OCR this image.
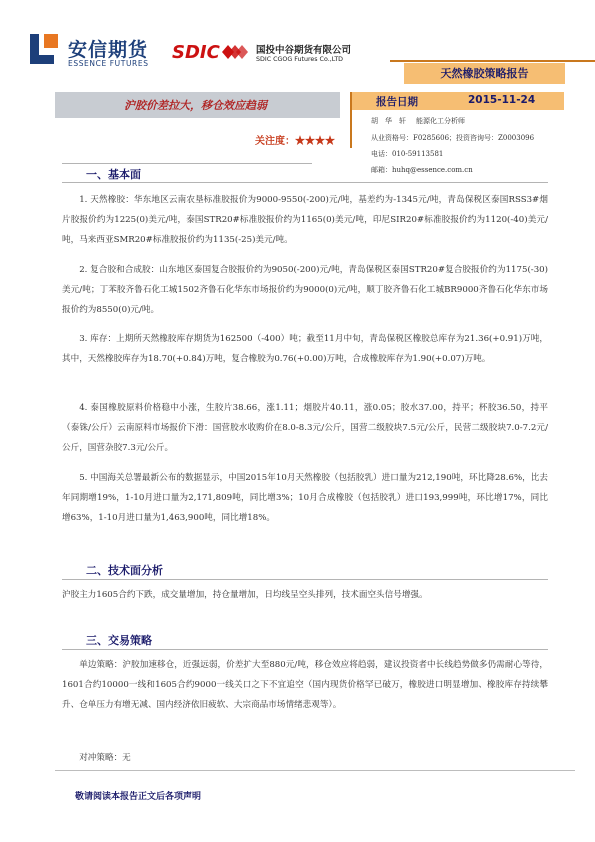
安信期货
ESSENCE FUTURES
SDIC	国投中谷期货有限公司
SDIC CGOG Futures Co.,LTD
天然橡胶策略报告
沪胶价差拉大，移仓效应趋弱
关注度：★★★★
报告日期	2015-11-24
胡　华　轩 能源化工分析师
从业资格号：F0285606；投资咨询号：Z0003096
电话：010-59113581
邮箱：huhq@essence.com.cn
一、基本面
1. 天然橡胶：华东地区云南农垦标准胶报价为9000-9550(-200)元/吨，基差约为-1345元/吨，青岛保税区泰国RSS3#烟片胶报价约为1225(0)美元/吨，泰国STR20#标准胶报价约为1165(0)美元/吨，印尼SIR20#标准胶报价约为1120(-40)美元/吨，马来西亚SMR20#标准胶报价约为1135(-25)美元/吨。
2. 复合胶和合成胶：山东地区泰国复合胶报价约为9050(-200)元/吨，青岛保税区泰国STR20#复合胶报价约为1175(-30)美元/吨；丁苯胶齐鲁石化工城1502齐鲁石化华东市场报价约为9000(0)元/吨，顺丁胶齐鲁石化工城BR9000齐鲁石化华东市场报价约为8550(0)元/吨。
3. 库存：上期所天然橡胶库存期货为162500（-400）吨；截至11月中旬，青岛保税区橡胶总库存为21.36(+0.91)万吨，其中，天然橡胶库存为18.70(+0.84)万吨，复合橡胶为0.76(+0.00)万吨，合成橡胶库存为1.90(+0.07)万吨。
4. 泰国橡胶原料价格稳中小涨，生胶片38.66，涨1.11；烟胶片40.11，涨0.05；胶水37.00，持平；杯胶36.50，持平（泰铢/公斤）云南原料市场报价下滑：国营胶水收购价在8.0-8.3元/公斤，国营二级胶块7.5元/公斤，民营二级胶块7.0-7.2元/公斤，国营杂胶7.3元/公斤。
5. 中国海关总署最新公布的数据显示，中国2015年10月天然橡胶（包括胶乳）进口量为212,190吨，环比降28.6%，比去年同期增19%，1-10月进口量为2,171,809吨，同比增3%；10月合成橡胶（包括胶乳）进口193,999吨，环比增17%，同比增63%，1-10月进口量为1,463,900吨，同比增18%。
二、技术面分析
沪胶主力1605合约下跌，成交量增加，持仓量增加，日均线呈空头排列，技术面空头信号增强。
三、交易策略
单边策略：沪胶加速移仓，近强远弱，价差扩大至880元/吨，移仓效应将趋弱，建议投资者中长线趋势做多仍需耐心等待，1601合约10000一线和1605合约9000一线关口之下不宜追空（国内现货价格罕已破万，橡胶进口明显增加、橡胶库存持续攀升、仓单压力有增无减、国内经济依旧疲软、大宗商品市场情绪悲观等）。
对冲策略：无
敬请阅读本报告正文后各项声明
